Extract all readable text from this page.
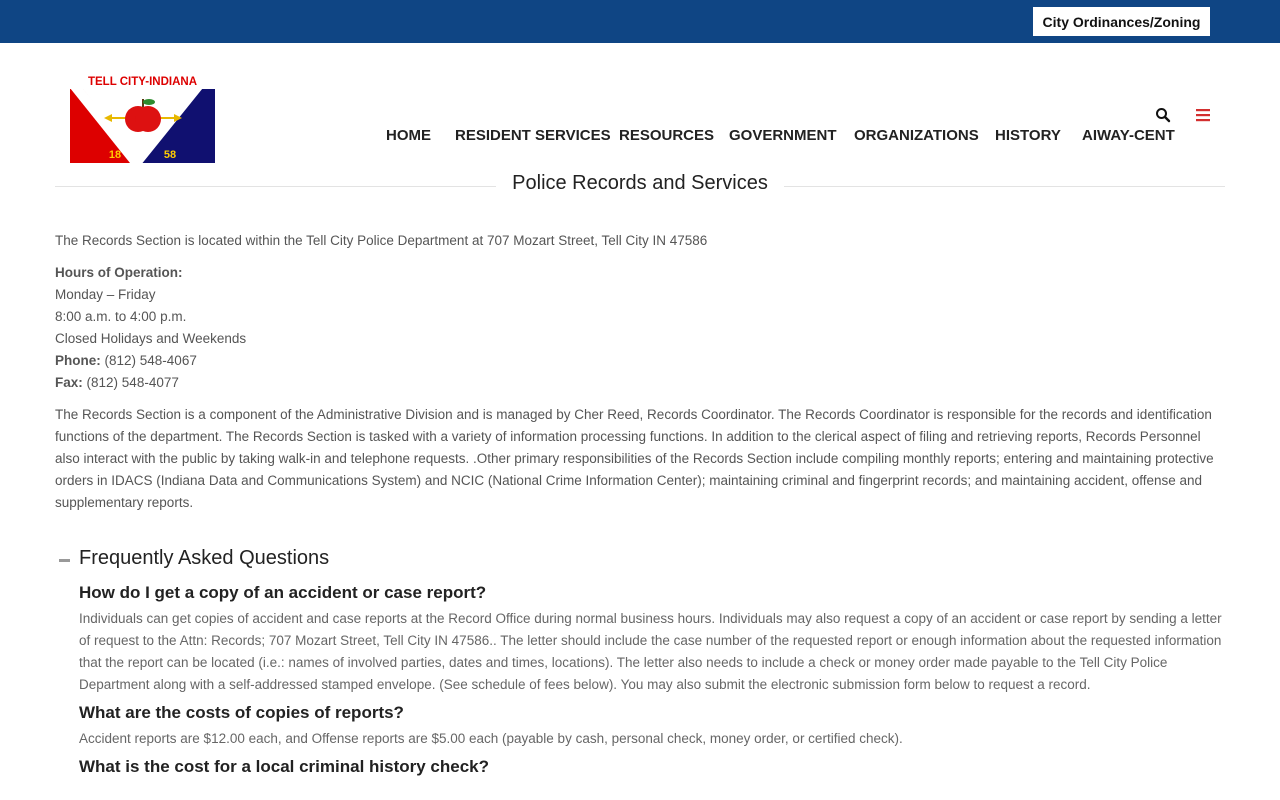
City Ordinances/Zoning
TELL CITY-INDIANA
18	58
HOME RESIDENT SERVICES RESOURCES GOVERNMENT ORGANIZATIONS HISTORY AIWAY-CENT
Police Records and Services

The Records Section is located within the Tell City Police Department at 707 Mozart Street, Tell City IN 47586

Hours of Operation:
Monday – Friday
8:00 a.m. to 4:00 p.m.
Closed Holidays and Weekends
Phone: (812) 548-4067
Fax: (812) 548-4077

The Records Section is a component of the Administrative Division and is managed by Cher Reed, Records Coordinator. The Records Coordinator is responsible for the records and identification functions of the department. The Records Section is tasked with a variety of information processing functions. In addition to the clerical aspect of filing and retrieving reports, Records Personnel also interact with the public by taking walk-in and telephone requests. .Other primary responsibilities of the Records Section include compiling monthly reports; entering and maintaining protective orders in IDACS (Indiana Data and Communications System) and NCIC (National Crime Information Center); maintaining criminal and fingerprint records; and maintaining accident, offense and supplementary reports.

Frequently Asked Questions
How do I get a copy of an accident or case report?
Individuals can get copies of accident and case reports at the Record Office during normal business hours. Individuals may also request a copy of an accident or case report by sending a letter of request to the Attn: Records; 707 Mozart Street, Tell City IN 47586.. The letter should include the case number of the requested report or enough information about the requested information that the report can be located (i.e.: names of involved parties, dates and times, locations). The letter also needs to include a check or money order made payable to the Tell City Police Department along with a self-addressed stamped envelope. (See schedule of fees below). You may also submit the electronic submission form below to request a record.
What are the costs of copies of reports?
Accident reports are $12.00 each, and Offense reports are $5.00 each (payable by cash, personal check, money order, or certified check).
What is the cost for a local criminal history check?
